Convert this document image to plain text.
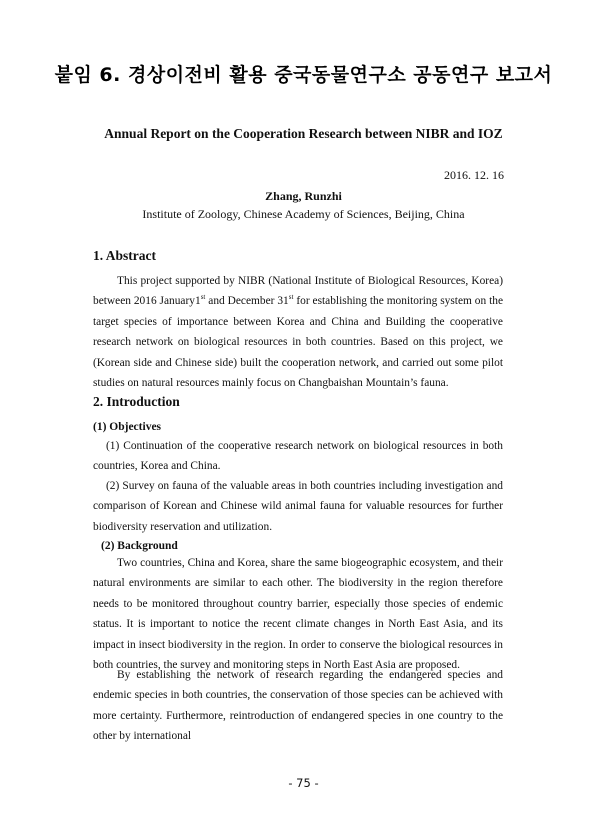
붙임 6. 경상이전비 활용 중국동물연구소 공동연구 보고서
Annual Report on the Cooperation Research between NIBR and IOZ
2016. 12. 16
Zhang, Runzhi
Institute of Zoology, Chinese Academy of Sciences, Beijing, China
1. Abstract

This project supported by NIBR (National Institute of Biological Resources, Korea) between 2016 January1st and December 31st for establishing the monitoring system on the target species of importance between Korea and China and Building the cooperative research network on biological resources in both countries. Based on this project, we (Korean side and Chinese side) built the cooperation network, and carried out some pilot studies on natural resources mainly focus on Changbaishan Mountain’s fauna.

2. Introduction
(1) Objectives

(1) Continuation of the cooperative research network on biological resources in both countries, Korea and China.

(2) Survey on fauna of the valuable areas in both countries including investigation and comparison of Korean and Chinese wild animal fauna for valuable resources for further biodiversity reservation and utilization.

(2) Background

Two countries, China and Korea, share the same biogeographic ecosystem, and their natural environments are similar to each other. The biodiversity in the region therefore needs to be monitored throughout country barrier, especially those species of endemic status. It is important to notice the recent climate changes in North East Asia, and its impact in insect biodiversity in the region. In order to conserve the biological resources in both countries, the survey and monitoring steps in North East Asia are proposed.

By establishing the network of research regarding the endangered species and endemic species in both countries, the conservation of those species can be achieved with more certainty. Furthermore, reintroduction of endangered species in one country to the other by international

- 75 -
